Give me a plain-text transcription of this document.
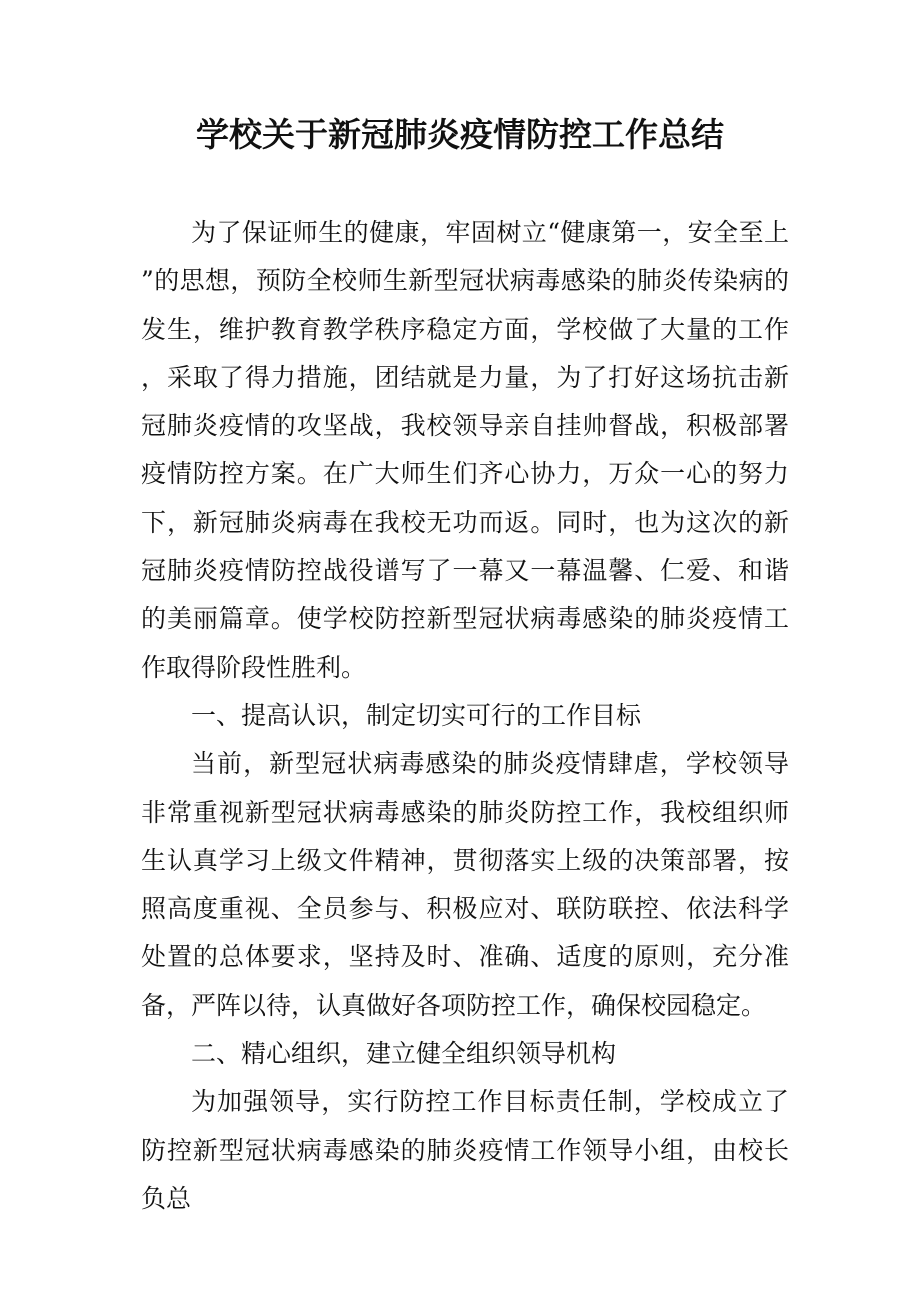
学校关于新冠肺炎疫情防控工作总结

为了保证师生的健康，牢固树立“健康第一，安全至上”的思想，预防全校师生新型冠状病毒感染的肺炎传染病的发生，维护教育教学秩序稳定方面，学校做了大量的工作，采取了得力措施，团结就是力量，为了打好这场抗击新冠肺炎疫情的攻坚战，我校领导亲自挂帅督战，积极部署疫情防控方案。在广大师生们齐心协力，万众一心的努力下，新冠肺炎病毒在我校无功而返。同时，也为这次的新冠肺炎疫情防控战役谱写了一幕又一幕温馨、仁爱、和谐的美丽篇章。使学校防控新型冠状病毒感染的肺炎疫情工作取得阶段性胜利。

一、提高认识，制定切实可行的工作目标

当前，新型冠状病毒感染的肺炎疫情肆虐，学校领导非常重视新型冠状病毒感染的肺炎防控工作，我校组织师生认真学习上级文件精神，贯彻落实上级的决策部署，按照高度重视、全员参与、积极应对、联防联控、依法科学处置的总体要求，坚持及时、准确、适度的原则，充分准备，严阵以待，认真做好各项防控工作，确保校园稳定。

二、精心组织，建立健全组织领导机构

为加强领导，实行防控工作目标责任制，学校成立了防控新型冠状病毒感染的肺炎疫情工作领导小组，由校长负总
